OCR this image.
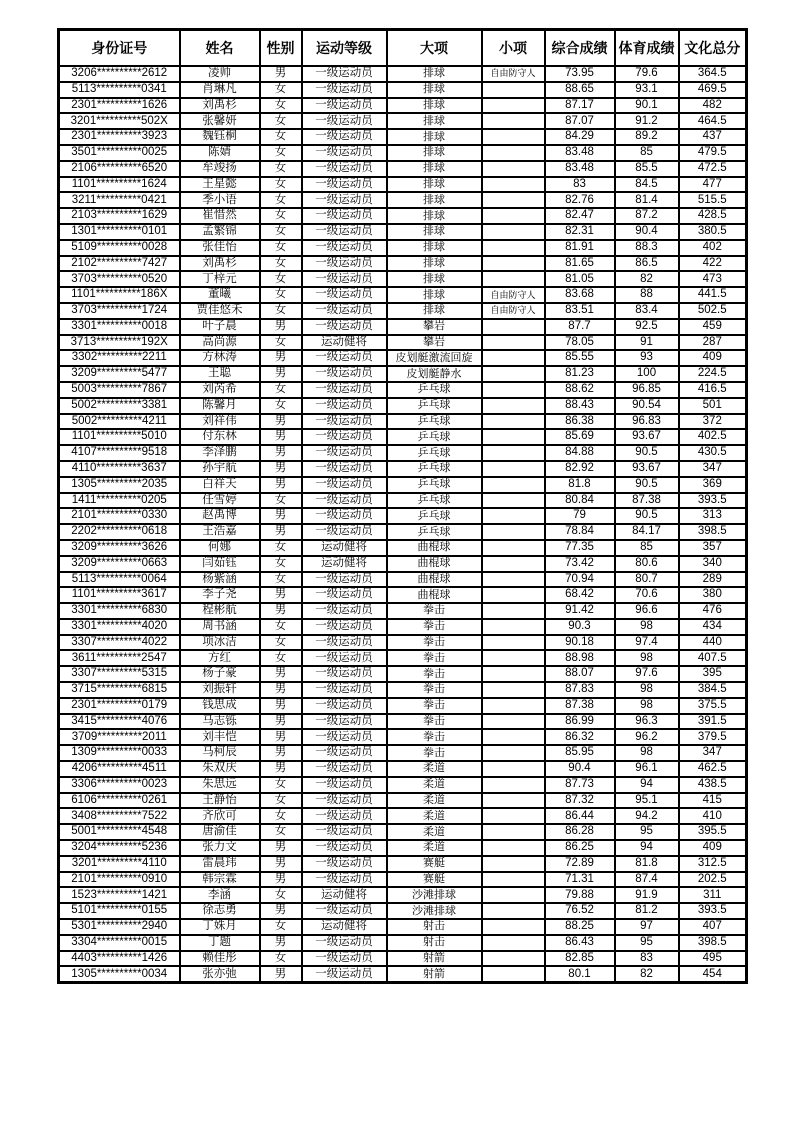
身份证号	姓名	性别	运动等级	大项	小项	综合成绩	体育成绩	文化总分
3206**********2612	凌帅	男	一级运动员	排球	自由防守人	73.95	79.6	364.5
5113**********0341	肖琳凡	女	一级运动员	排球		88.65	93.1	469.5
2301**********1626	刘禹杉	女	一级运动员	排球		87.17	90.1	482
3201**********502X	张馨妍	女	一级运动员	排球		87.07	91.2	464.5
2301**********3923	魏钰桐	女	一级运动员	排球		84.29	89.2	437
3501**********0025	陈婧	女	一级运动员	排球		83.48	85	479.5
2106**********6520	牟竣扬	女	一级运动员	排球		83.48	85.5	472.5
1101**********1624	王星懿	女	一级运动员	排球		83	84.5	477
3211**********0421	季小语	女	一级运动员	排球		82.76	81.4	515.5
2103**********1629	崔惜然	女	一级运动员	排球		82.47	87.2	428.5
1301**********0101	孟繁锦	女	一级运动员	排球		82.31	90.4	380.5
5109**********0028	张佳怡	女	一级运动员	排球		81.91	88.3	402
2102**********7427	刘禹杉	女	一级运动员	排球		81.65	86.5	422
3703**********0520	丁梓元	女	一级运动员	排球		81.05	82	473
1101**********186X	董曦	女	一级运动员	排球	自由防守人	83.68	88	441.5
3703**********1724	贾佳悠禾	女	一级运动员	排球	自由防守人	83.51	83.4	502.5
3301**********0018	叶子晨	男	一级运动员	攀岩		87.7	92.5	459
3713**********192X	高尚源	女	运动健将	攀岩		78.05	91	287
3302**********2211	方林涛	男	一级运动员	皮划艇激流回旋		85.55	93	409
3209**********5477	王聪	男	一级运动员	皮划艇静水		81.23	100	224.5
5003**********7867	刘芮希	女	一级运动员	乒乓球		88.62	96.85	416.5
5002**********3381	陈馨月	女	一级运动员	乒乓球		88.43	90.54	501
5002**********4211	刘祥伟	男	一级运动员	乒乓球		86.38	96.83	372
1101**********5010	付东林	男	一级运动员	乒乓球		85.69	93.67	402.5
4107**********9518	李泽鹏	男	一级运动员	乒乓球		84.88	90.5	430.5
4110**********3637	孙宇航	男	一级运动员	乒乓球		82.92	93.67	347
1305**********2035	白祥天	男	一级运动员	乒乓球		81.8	90.5	369
1411**********0205	任雪婷	女	一级运动员	乒乓球		80.84	87.38	393.5
2101**********0330	赵禹博	男	一级运动员	乒乓球		79	90.5	313
2202**********0618	王浩嘉	男	一级运动员	乒乓球		78.84	84.17	398.5
3209**********3626	何娜	女	运动健将	曲棍球		77.35	85	357
3209**********0663	闫茹钰	女	运动健将	曲棍球		73.42	80.6	340
5113**********0064	杨紫涵	女	一级运动员	曲棍球		70.94	80.7	289
1101**********3617	李子尧	男	一级运动员	曲棍球		68.42	70.6	380
3301**********6830	程彬航	男	一级运动员	拳击		91.42	96.6	476
3301**********4020	周书涵	女	一级运动员	拳击		90.3	98	434
3307**********4022	项冰洁	女	一级运动员	拳击		90.18	97.4	440
3611**********2547	方红	女	一级运动员	拳击		88.98	98	407.5
3307**********5315	杨子豪	男	一级运动员	拳击		88.07	97.6	395
3715**********6815	刘振轩	男	一级运动员	拳击		87.83	98	384.5
2301**********0179	钱思成	男	一级运动员	拳击		87.38	98	375.5
3415**********4076	马志铄	男	一级运动员	拳击		86.99	96.3	391.5
3709**********2011	刘丰恺	男	一级运动员	拳击		86.32	96.2	379.5
1309**********0033	马柯辰	男	一级运动员	拳击		85.95	98	347
4206**********4511	朱双庆	男	一级运动员	柔道		90.4	96.1	462.5
3306**********0023	朱思远	女	一级运动员	柔道		87.73	94	438.5
6106**********0261	王静怡	女	一级运动员	柔道		87.32	95.1	415
3408**********7522	齐欣可	女	一级运动员	柔道		86.44	94.2	410
5001**********4548	唐渝佳	女	一级运动员	柔道		86.28	95	395.5
3204**********5236	张力文	男	一级运动员	柔道		86.25	94	409
3201**********4110	雷晨玮	男	一级运动员	赛艇		72.89	81.8	312.5
2101**********0910	韩宗霖	男	一级运动员	赛艇		71.31	87.4	202.5
1523**********1421	李涵	女	运动健将	沙滩排球		79.88	91.9	311
5101**********0155	徐志勇	男	一级运动员	沙滩排球		76.52	81.2	393.5
5301**********2940	丁姝月	女	运动健将	射击		88.25	97	407
3304**********0015	丁题	男	一级运动员	射击		86.43	95	398.5
4403**********1426	赖佳彤	女	一级运动员	射箭		82.85	83	495
1305**********0034	张亦弛	男	一级运动员	射箭		80.1	82	454
